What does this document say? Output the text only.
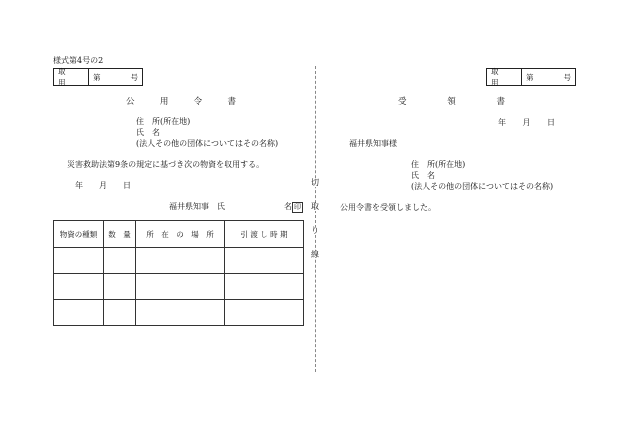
様式第4号の2
取 用
第	号
公	用	令	書
住　所(所在地)
氏　名
(法人その他の団体についてはその名称)
災害救助法第9条の規定に基づき次の物資を収用する。
年 月 日
福井県知事　氏	名 印
物資の種類	数　量	所　在　の　場　所	引 渡 し 時 期

切
取
り
線
取 用
第	号
受	領	書
年 月 日
福井県知事様
住　所(所在地)
氏　名
(法人その他の団体についてはその名称)
公用令書を受領しました。
